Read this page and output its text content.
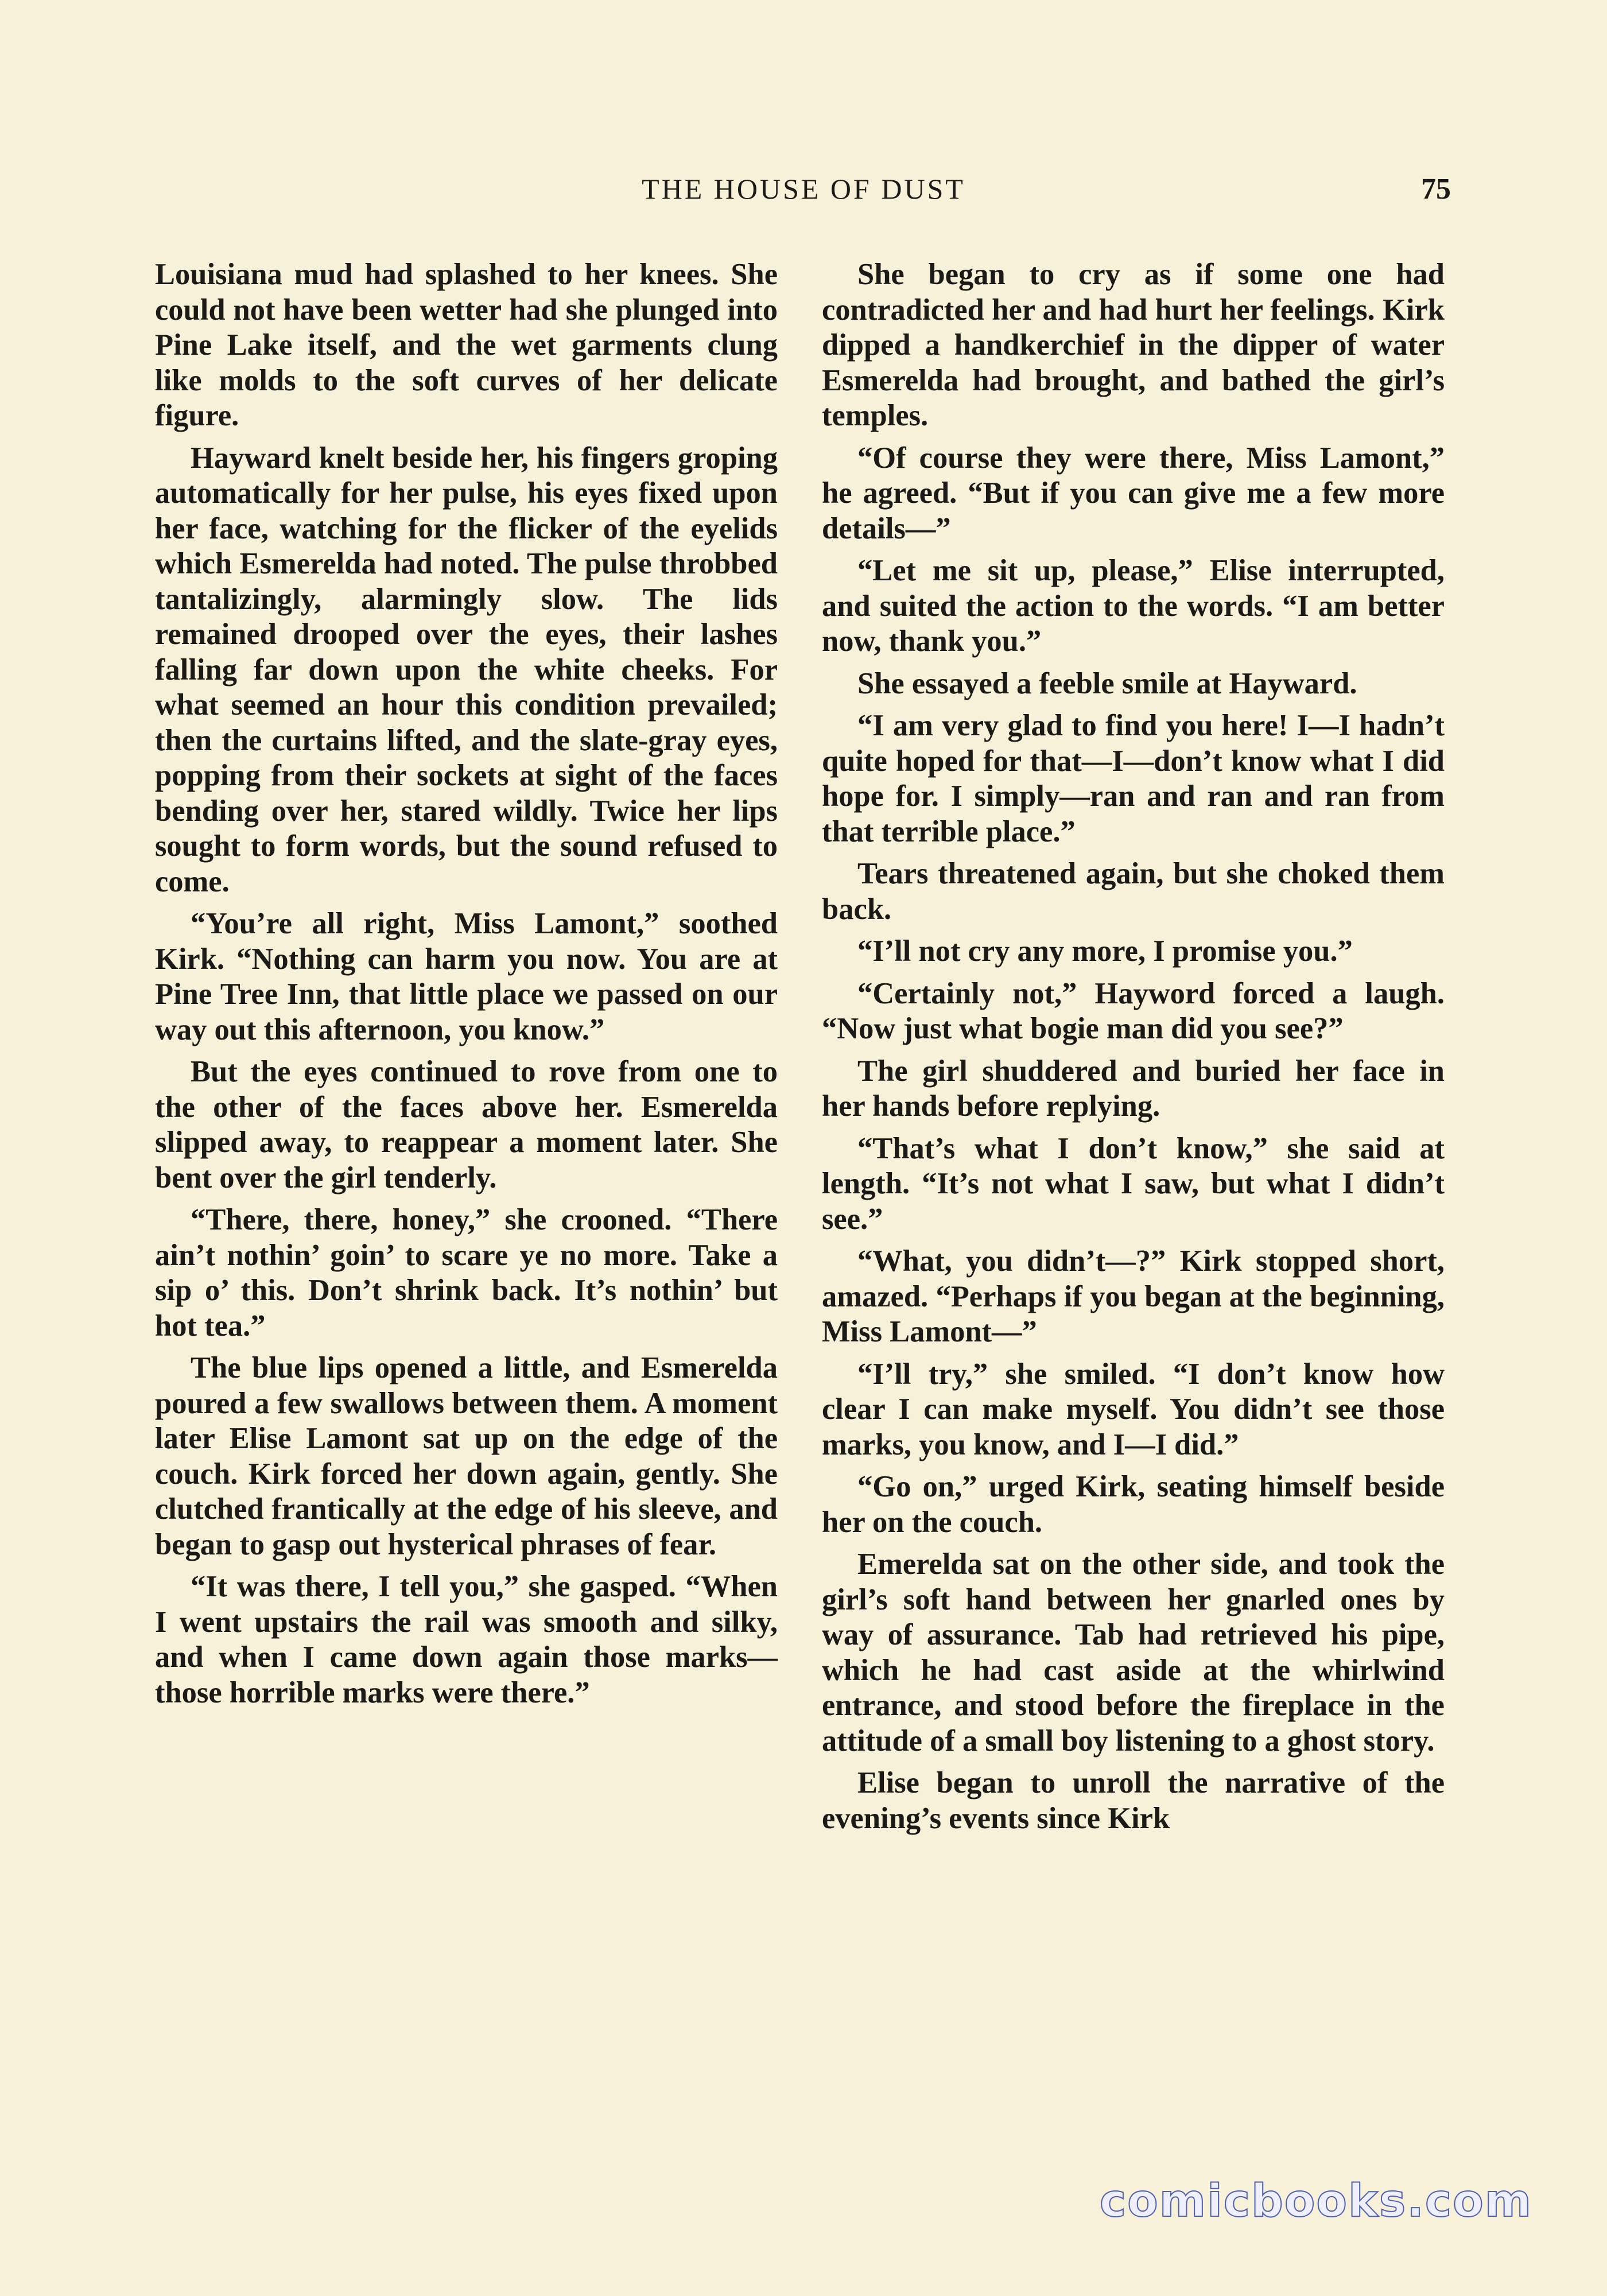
THE HOUSE OF DUST	75

Louisiana mud had splashed to her knees. She could not have been wetter had she plunged into Pine Lake itself, and the wet garments clung like molds to the soft curves of her delicate figure.

Hayward knelt beside her, his fingers groping automatically for her pulse, his eyes fixed upon her face, watching for the flicker of the eyelids which Esmerelda had noted. The pulse throbbed tantalizingly, alarmingly slow. The lids remained drooped over the eyes, their lashes falling far down upon the white cheeks. For what seemed an hour this condition prevailed; then the curtains lifted, and the slate-gray eyes, popping from their sockets at sight of the faces bending over her, stared wildly. Twice her lips sought to form words, but the sound refused to come.

“You’re all right, Miss Lamont,” soothed Kirk. “Nothing can harm you now. You are at Pine Tree Inn, that little place we passed on our way out this afternoon, you know.”

But the eyes continued to rove from one to the other of the faces above her. Esmerelda slipped away, to reappear a moment later. She bent over the girl tenderly.

“There, there, honey,” she crooned. “There ain’t nothin’ goin’ to scare ye no more. Take a sip o’ this. Don’t shrink back. It’s nothin’ but hot tea.”

The blue lips opened a little, and Esmerelda poured a few swallows between them. A moment later Elise Lamont sat up on the edge of the couch. Kirk forced her down again, gently. She clutched frantically at the edge of his sleeve, and began to gasp out hysterical phrases of fear.

“It was there, I tell you,” she gasped. “When I went upstairs the rail was smooth and silky, and when I came down again those marks—those horrible marks were there.”

She began to cry as if some one had contradicted her and had hurt her feelings. Kirk dipped a handkerchief in the dipper of water Esmerelda had brought, and bathed the girl’s temples.

“Of course they were there, Miss Lamont,” he agreed. “But if you can give me a few more details—”

“Let me sit up, please,” Elise interrupted, and suited the action to the words. “I am better now, thank you.”

She essayed a feeble smile at Hayward.

“I am very glad to find you here! I—I hadn’t quite hoped for that—I—don’t know what I did hope for. I simply—ran and ran and ran from that terrible place.”

Tears threatened again, but she choked them back.

“I’ll not cry any more, I promise you.”

“Certainly not,” Hayword forced a laugh. “Now just what bogie man did you see?”

The girl shuddered and buried her face in her hands before replying.

“That’s what I don’t know,” she said at length. “It’s not what I saw, but what I didn’t see.”

“What, you didn’t—?” Kirk stopped short, amazed. “Perhaps if you began at the beginning, Miss Lamont—”

“I’ll try,” she smiled. “I don’t know how clear I can make myself. You didn’t see those marks, you know, and I—I did.”

“Go on,” urged Kirk, seating himself beside her on the couch.

Emerelda sat on the other side, and took the girl’s soft hand between her gnarled ones by way of assurance. Tab had retrieved his pipe, which he had cast aside at the whirlwind entrance, and stood before the fireplace in the attitude of a small boy listening to a ghost story.

Elise began to unroll the narrative of the evening’s events since Kirk

comicbooks.com
